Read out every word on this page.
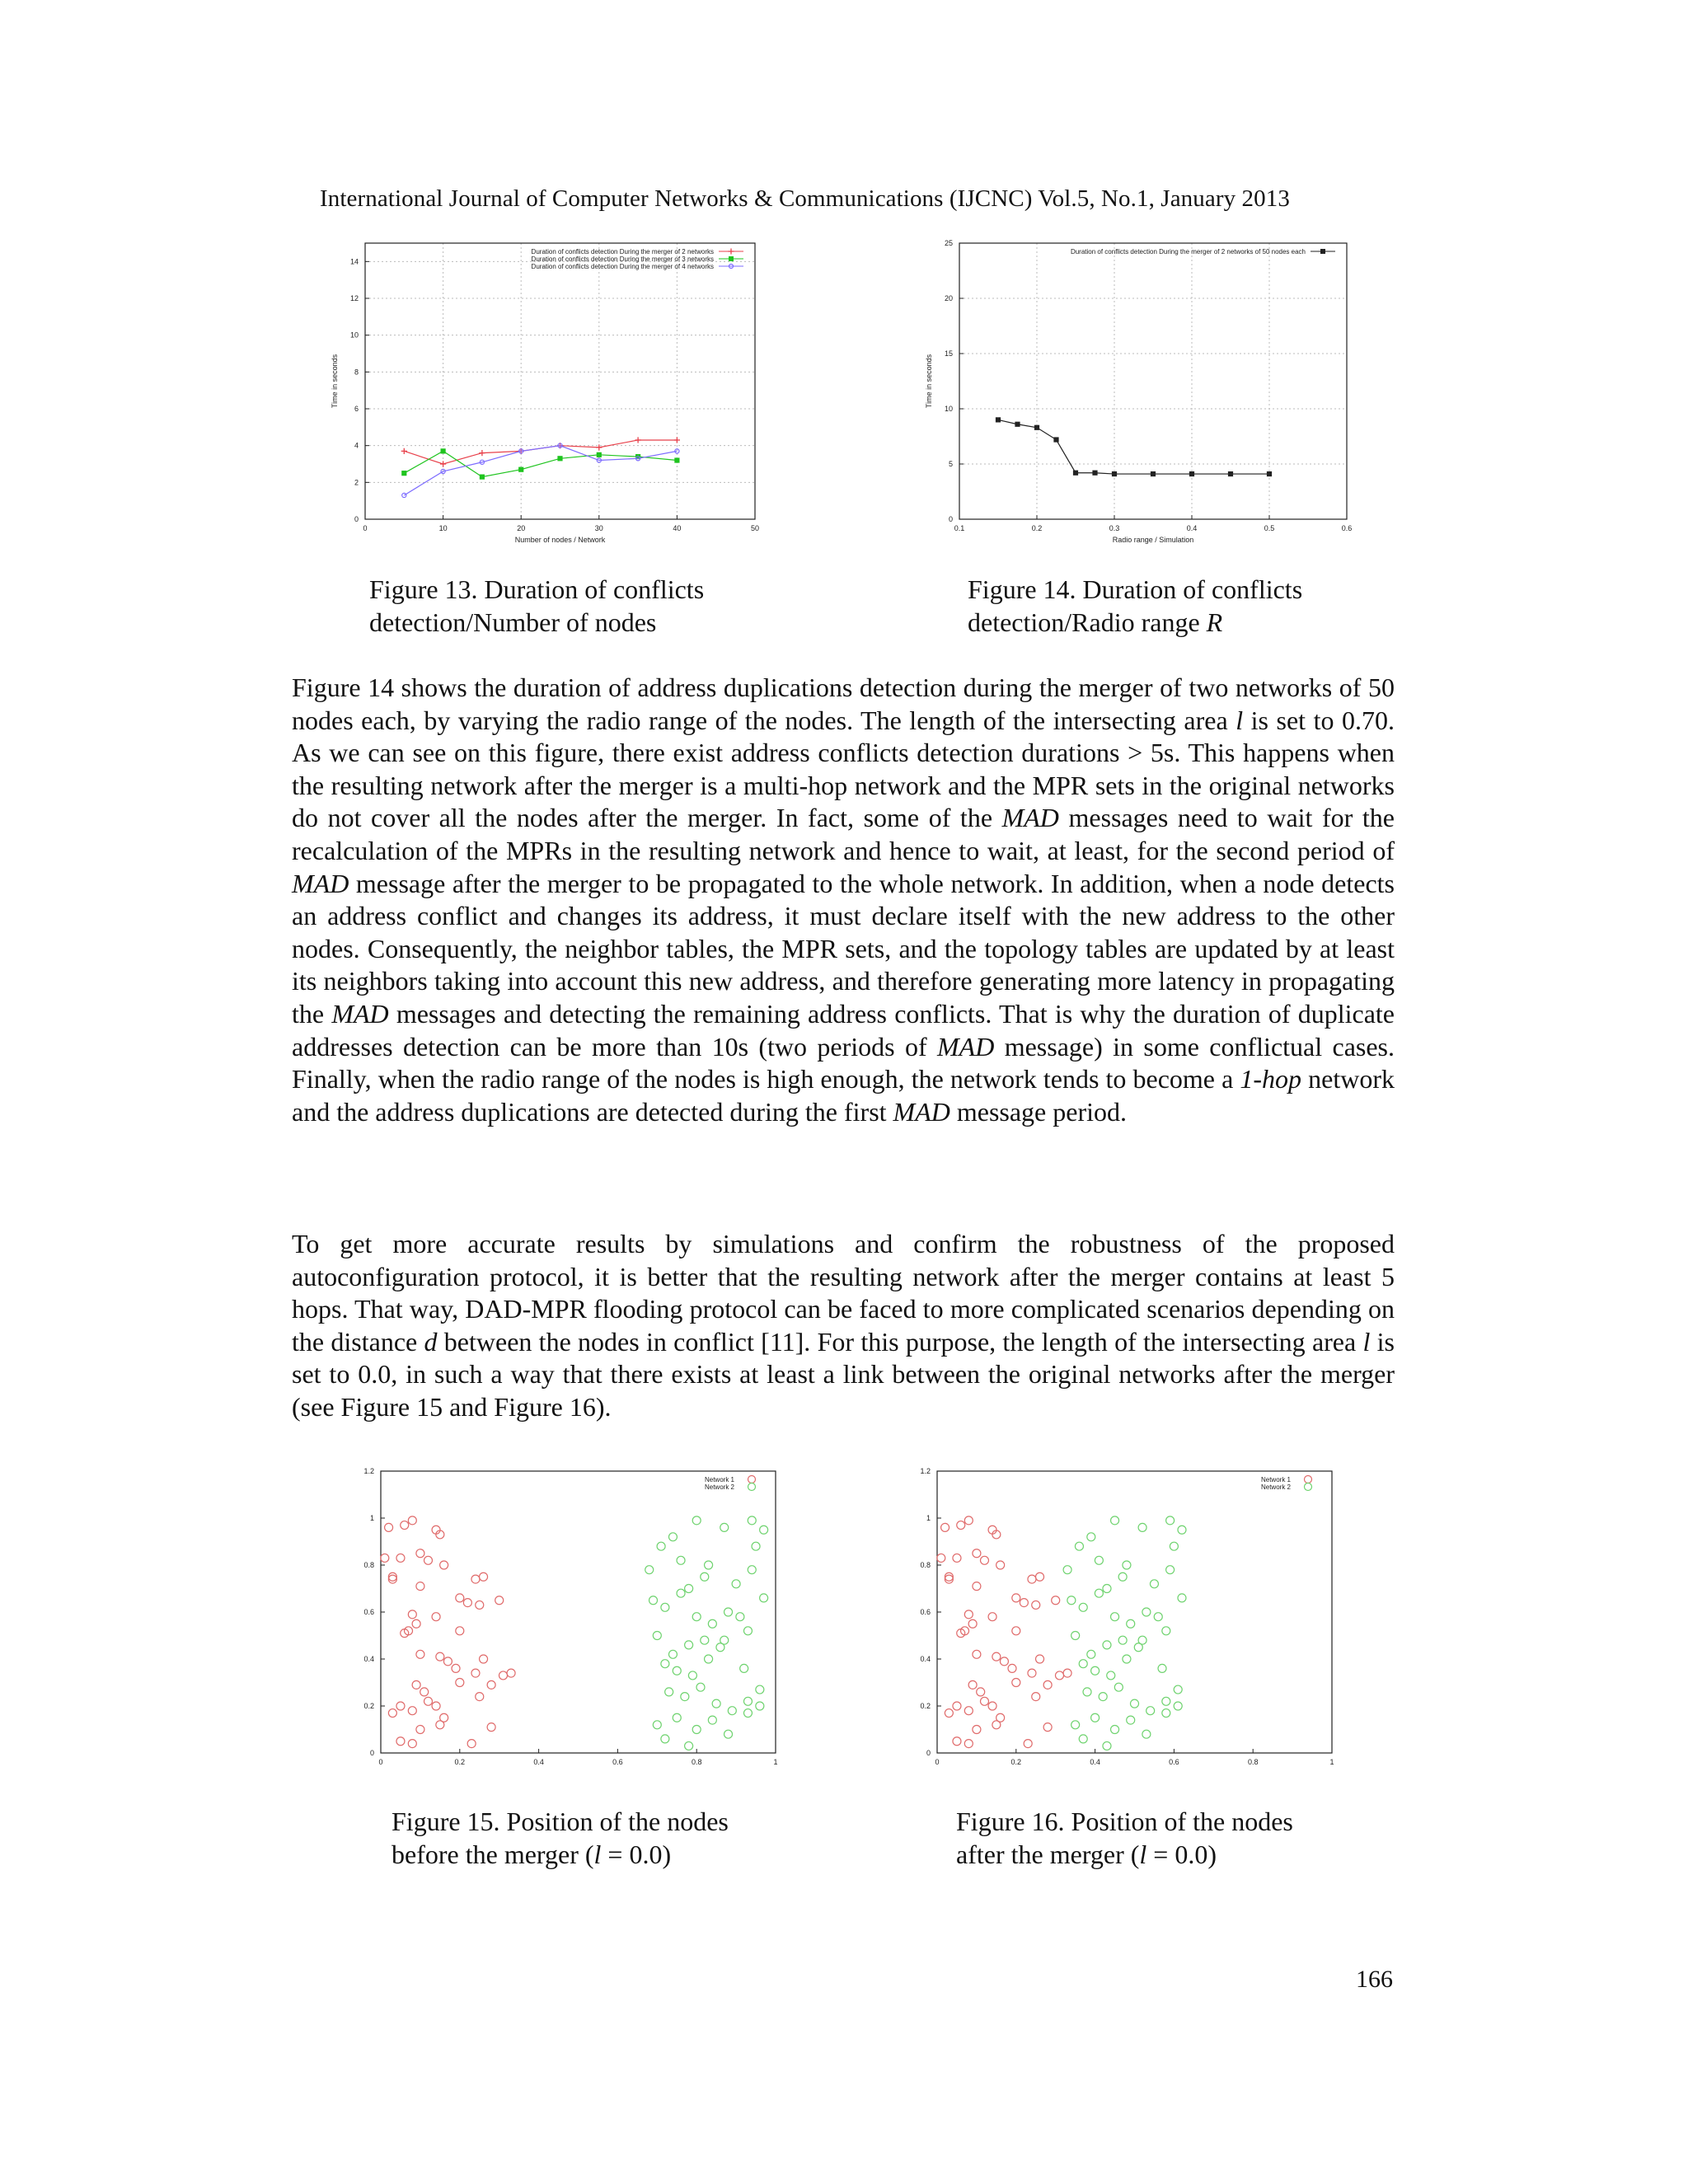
International Journal of Computer Networks & Communications (IJCNC) Vol.5, No.1, January 2013
0	10	20	30	40	50
0
2
4
6
8
10
12
14
Number of nodes / Network
Time in seconds
Duration of conflicts detection During the merger of 2 networks
Duration of conflicts detection During the merger of 3 networks
Duration of conflicts detection During the merger of 4 networks
Figure 13. Duration of conflicts
detection/Number of nodes
0.1	0.2	0.3	0.4	0.5	0.6
0
5
10
15
20
25
Radio range / Simulation
Time in seconds
Duration of conflicts detection During the merger of 2 networks of 50 nodes each
Figure 14. Duration of conflicts
detection/Radio range R
Figure 14 shows the duration of address duplications detection during the merger of two networks of 50 nodes each, by varying the radio range of the nodes. The length of the intersecting area l is set to 0.70. As we can see on this figure, there exist address conflicts detection durations > 5s. This happens when the resulting network after the merger is a multi-hop network and the MPR sets in the original networks do not cover all the nodes after the merger. In fact, some of the MAD messages need to wait for the recalculation of the MPRs in the resulting network and hence to wait, at least, for the second period of MAD message after the merger to be propagated to the whole network. In addition, when a node detects an address conflict and changes its address, it must declare itself with the new address to the other nodes. Consequently, the neighbor tables, the MPR sets, and the topology tables are updated by at least its neighbors taking into account this new address, and therefore generating more latency in propagating the MAD messages and detecting the remaining address conflicts. That is why the duration of duplicate addresses detection can be more than 10s (two periods of MAD message) in some conflictual cases. Finally, when the radio range of the nodes is high enough, the network tends to become a 1-hop network and the address duplications are detected during the first MAD message period.
To get more accurate results by simulations and confirm the robustness of the proposed autoconfiguration protocol, it is better that the resulting network after the merger contains at least 5 hops. That way, DAD-MPR flooding protocol can be faced to more complicated scenarios depending on the distance d between the nodes in conflict [11]. For this purpose, the length of the intersecting area l is set to 0.0, in such a way that there exists at least a link between the original networks after the merger (see Figure 15 and Figure 16).
0	0.2	0.4	0.6	0.8	1
0
0.2
0.4
0.6
0.8
1
1.2
Network 1
Network 2
Figure 15. Position of the nodes
before the merger (l = 0.0)
0	0.2	0.4	0.6	0.8	1
0
0.2
0.4
0.6
0.8
1
1.2
Network 1
Network 2
Figure 16. Position of the nodes
after the merger (l = 0.0)
166
